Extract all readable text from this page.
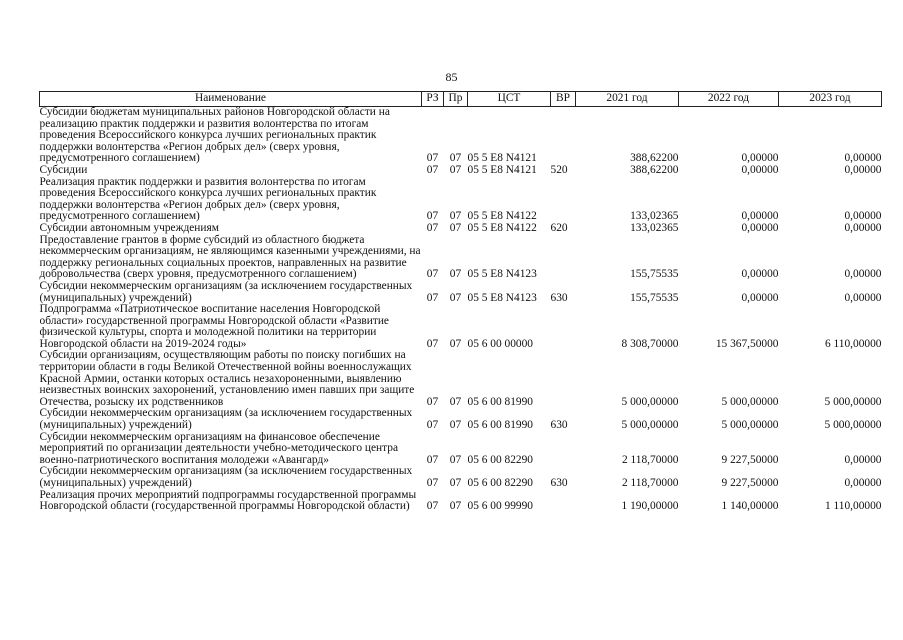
85
Наименование	РЗ	Пр	ЦСТ	ВР	2021 год	2022 год	2023 год
Субсидии бюджетам муниципальных районов Новгородской области на реализацию практик поддержки и развития волонтерства по итогам проведения Всероссийского конкурса лучших региональных практик поддержки волонтерства «Регион добрых дел» (сверх уровня, предусмотренного соглашением)	07	07	05 5 E8 N4121		388,62200	0,00000	0,00000
Субсидии	07	07	05 5 E8 N4121	520	388,62200	0,00000	0,00000
Реализация практик поддержки и развития волонтерства по итогам проведения Всероссийского конкурса лучших региональных практик поддержки волонтерства «Регион добрых дел» (сверх уровня, предусмотренного соглашением)	07	07	05 5 E8 N4122		133,02365	0,00000	0,00000
Субсидии автономным учреждениям	07	07	05 5 E8 N4122	620	133,02365	0,00000	0,00000
Предоставление грантов в форме субсидий из областного бюджета некоммерческим организациям, не являющимся казенными учреждениями, на поддержку региональных социальных проектов, направленных на развитие добровольчества (сверх уровня, предусмотренного соглашением)	07	07	05 5 E8 N4123		155,75535	0,00000	0,00000
Субсидии некоммерческим организациям (за исключением государственных (муниципальных) учреждений)	07	07	05 5 E8 N4123	630	155,75535	0,00000	0,00000
Подпрограмма «Патриотическое воспитание населения Новгородской области» государственной программы Новгородской области «Развитие физической культуры, спорта и молодежной политики на территории Новгородской области на 2019-2024 годы»	07	07	05 6 00 00000		8 308,70000	15 367,50000	6 110,00000
Субсидии организациям, осуществляющим работы по поиску погибших на территории области в годы Великой Отечественной войны военнослужащих Красной Армии, останки которых остались незахороненными, выявлению неизвестных воинских захоронений, установлению имен павших при защите Отечества, розыску их родственников	07	07	05 6 00 81990		5 000,00000	5 000,00000	5 000,00000
Субсидии некоммерческим организациям (за исключением государственных (муниципальных) учреждений)	07	07	05 6 00 81990	630	5 000,00000	5 000,00000	5 000,00000
Субсидии некоммерческим организациям на финансовое обеспечение мероприятий по организации деятельности учебно-методического центра военно-патриотического воспитания молодежи «Авангард»	07	07	05 6 00 82290		2 118,70000	9 227,50000	0,00000
Субсидии некоммерческим организациям (за исключением государственных (муниципальных) учреждений)	07	07	05 6 00 82290	630	2 118,70000	9 227,50000	0,00000
Реализация прочих мероприятий подпрограммы государственной программы Новгородской области (государственной программы Новгородской области)	07	07	05 6 00 99990		1 190,00000	1 140,00000	1 110,00000
